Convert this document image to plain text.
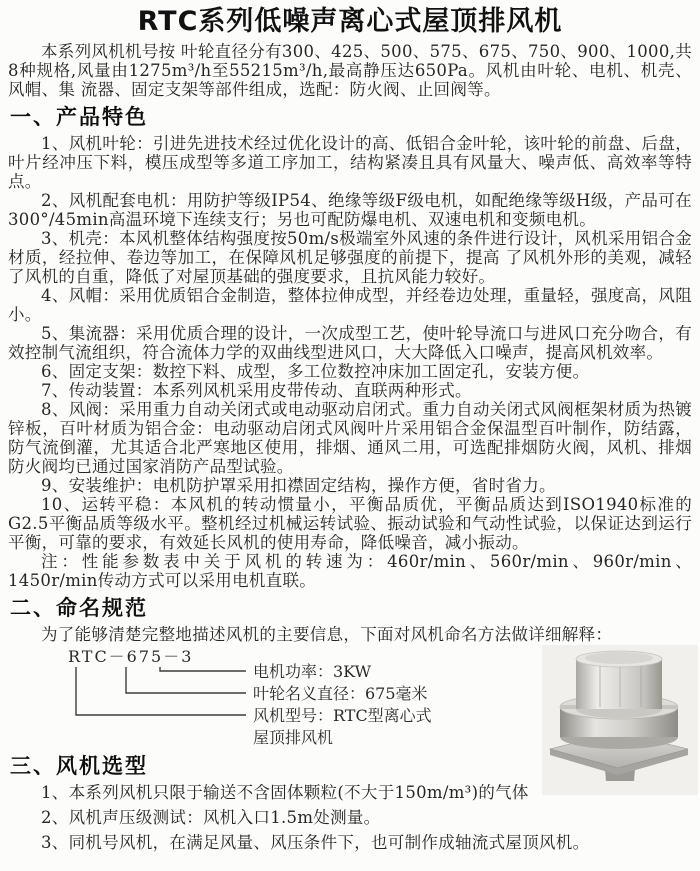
RTC系列低噪声离心式屋顶排风机

本系列风机机号按 叶轮直径分有300、425、500、575、675、750、900、1000,共8种规格,风量由1275m³/h至55215m³/h,最高静压达650Pa。风机由叶轮、电机、机壳、风帽、集 流器、固定支架等部件组成，选配：防火阀、止回阀等。

一、产品特色

1、风机叶轮：引进先进技术经过优化设计的高、低铝合金叶轮，该叶轮的前盘、后盘，叶片经冲压下料，模压成型等多道工序加工，结构紧凑且具有风量大、噪声低、高效率等特点。

2、风机配套电机：用防护等级IP54、绝缘等级F级电机，如配绝缘等级H级，产品可在300°/45min高温环境下连续支行；另也可配防爆电机、双速电机和变频电机。

3、机壳：本风机整体结构强度按50m/s极端室外风速的条件进行设计，风机采用铝合金材质，经拉伸、卷边等加工，在保障风机足够强度的前提下，提高 了风机外形的美观，减轻了风机的自重，降低了对屋顶基础的强度要求，且抗风能力较好。

4、风帽：采用优质铝合金制造，整体拉伸成型，并经卷边处理，重量轻，强度高，风阻小。

5、集流器：采用优质合理的设计，一次成型工艺，使叶轮导流口与进风口充分吻合，有效控制气流组织，符合流体力学的双曲线型进风口，大大降低入口噪声，提高风机效率。

6、固定支架：数控下料、成型，多工位数控冲床加工固定孔，安装方便。

7、传动装置：本系列风机采用皮带传动、直联两种形式。

8、风阀：采用重力自动关闭式或电动驱动启闭式。重力自动关闭式风阀框架材质为热镀锌板，百叶材质为铝合金：电动驱动启闭式风阀叶片采用铝合金保温型百叶制作，防结露，防气流倒灌，尤其适合北严寒地区使用，排烟、通风二用，可选配排烟防火阀，风机、排烟防火阀均已通过国家消防产品型试验。

9、安装维护：电机防护罩采用扣襟固定结构，操作方便，省时省力。

10、运转平稳：本风机的转动惯量小，平衡品质优，平衡品质达到ISO1940标准的G2.5平衡品质等级水平。整机经过机械运转试验、振动试验和气动性试验，以保证达到运行平衡，可靠的要求，有效延长风机的使用寿命，降低噪音，减小振动。

注：性能参数表中关于风机的转速为：460r/min、560r/min、960r/min、1450r/min传动方式可以采用电机直联。

二、命名规范

为了能够清楚完整地描述风机的主要信息，下面对风机命名方法做详细解释：

RTC－675－3
电机功率：3KW
叶轮名义直径：675毫米
风机型号：RTC型离心式
屋顶排风机
三、风机选型

1、本系列风机只限于输送不含固体颗粒(不大于150m/m³)的气体

2、风机声压级测试：风机入口1.5m处测量。

3、同机号风机，在满足风量、风压条件下，也可制作成轴流式屋顶风机。
